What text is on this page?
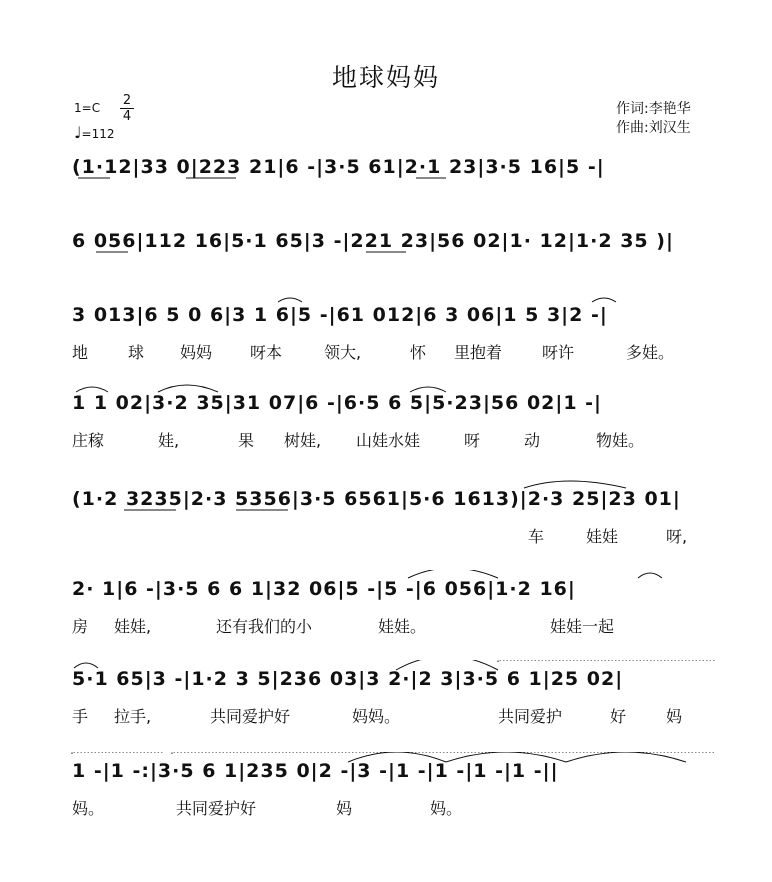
地球妈妈
1=C 2
4
♩=112
作词:李艳华
作曲:刘汉生

(1·12|33 0|223 21|6 -|3·5 61|2·1 23|3·5 16|5 -|

6 056|112 16|5·1 65|3 -|221 23|56 02|1· 12|1·2 35 )|

3 013|6 5 0 6|3 1 6|5 -|61 012|6 3 06|1 5 3|2 -|

地 球 妈妈 呀本	领大,	怀 里抱着 呀许	多娃。

1 1 02|3·2 35|31 07|6 -|6·5 6 5|5·23|56 02|1 -|

庄稼	娃,	果 树娃, 山娃水娃	呀	动	物娃。

(1·2 3235|2·3 5356|3·5 6561|5·6 1613)|2·3 25|23 01|

车	娃娃	呀,

2· 1|6 -|3·5 6 6 1|32 06|5 -|5 -|6 056|1·2 16|

房 娃娃,	还有我们的小	娃娃。	娃娃一起

5·1 65|3 -|1·2 3 5|236 03|3 2·|2 3|3·5 6 1|25 02|

手 拉手,	共同爱护好	妈妈。	共同爱护	好 妈

1 -|1 -:|3·5 6 1|235 0|2 -|3 -|1 -|1 -|1 -|1 -||

妈。	共同爱护好	妈	妈。
